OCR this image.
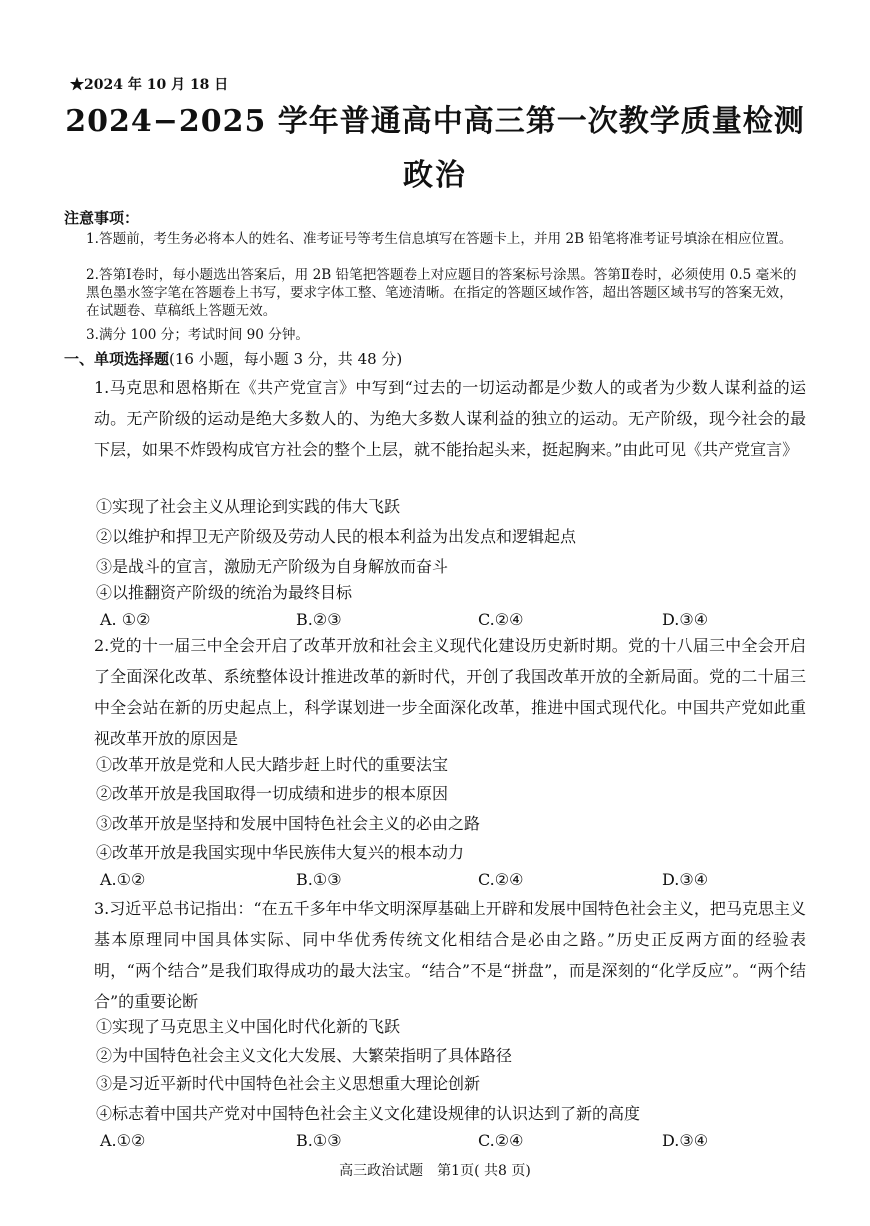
★2024 年 10 月 18 日
2024−2025 学年普通高中高三第一次教学质量检测
政治
注意事项：
1.答题前，考生务必将本人的姓名、准考证号等考生信息填写在答题卡上，并用 2B 铅笔将准考证号填涂在相应位置。
2.答第Ⅰ卷时，每小题选出答案后，用 2B 铅笔把答题卷上对应题目的答案标号涂黑。答第Ⅱ卷时，必须使用 0.5 毫米的黑色墨水签字笔在答题卷上书写，要求字体工整、笔迹清晰。在指定的答题区域作答，超出答题区域书写的答案无效，在试题卷、草稿纸上答题无效。
3.满分 100 分；考试时间 90 分钟。
一、单项选择题(16 小题，每小题 3 分，共 48 分)
1.马克思和恩格斯在《共产党宣言》中写到“过去的一切运动都是少数人的或者为少数人谋利益的运动。无产阶级的运动是绝大多数人的、为绝大多数人谋利益的独立的运动。无产阶级，现今社会的最下层，如果不炸毁构成官方社会的整个上层，就不能抬起头来，挺起胸来。”由此可见《共产党宣言》
①实现了社会主义从理论到实践的伟大飞跃
②以维护和捍卫无产阶级及劳动人民的根本利益为出发点和逻辑起点
③是战斗的宣言，激励无产阶级为自身解放而奋斗
④以推翻资产阶级的统治为最终目标
A. ①②	B.②③	C.②④	D.③④
2.党的十一届三中全会开启了改革开放和社会主义现代化建设历史新时期。党的十八届三中全会开启了全面深化改革、系统整体设计推进改革的新时代，开创了我国改革开放的全新局面。党的二十届三中全会站在新的历史起点上，科学谋划进一步全面深化改革，推进中国式现代化。中国共产党如此重视改革开放的原因是
①改革开放是党和人民大踏步赶上时代的重要法宝
②改革开放是我国取得一切成绩和进步的根本原因
③改革开放是坚持和发展中国特色社会主义的必由之路
④改革开放是我国实现中华民族伟大复兴的根本动力
A.①②	B.①③	C.②④	D.③④
3.习近平总书记指出：“在五千多年中华文明深厚基础上开辟和发展中国特色社会主义，把马克思主义基本原理同中国具体实际、同中华优秀传统文化相结合是必由之路。”历史正反两方面的经验表明，“两个结合”是我们取得成功的最大法宝。“结合”不是“拼盘”，而是深刻的“化学反应”。“两个结合”的重要论断
①实现了马克思主义中国化时代化新的飞跃
②为中国特色社会主义文化大发展、大繁荣指明了具体路径
③是习近平新时代中国特色社会主义思想重大理论创新
④标志着中国共产党对中国特色社会主义文化建设规律的认识达到了新的高度
A.①②	B.①③	C.②④	D.③④
高三政治试题　第1页( 共8 页)
